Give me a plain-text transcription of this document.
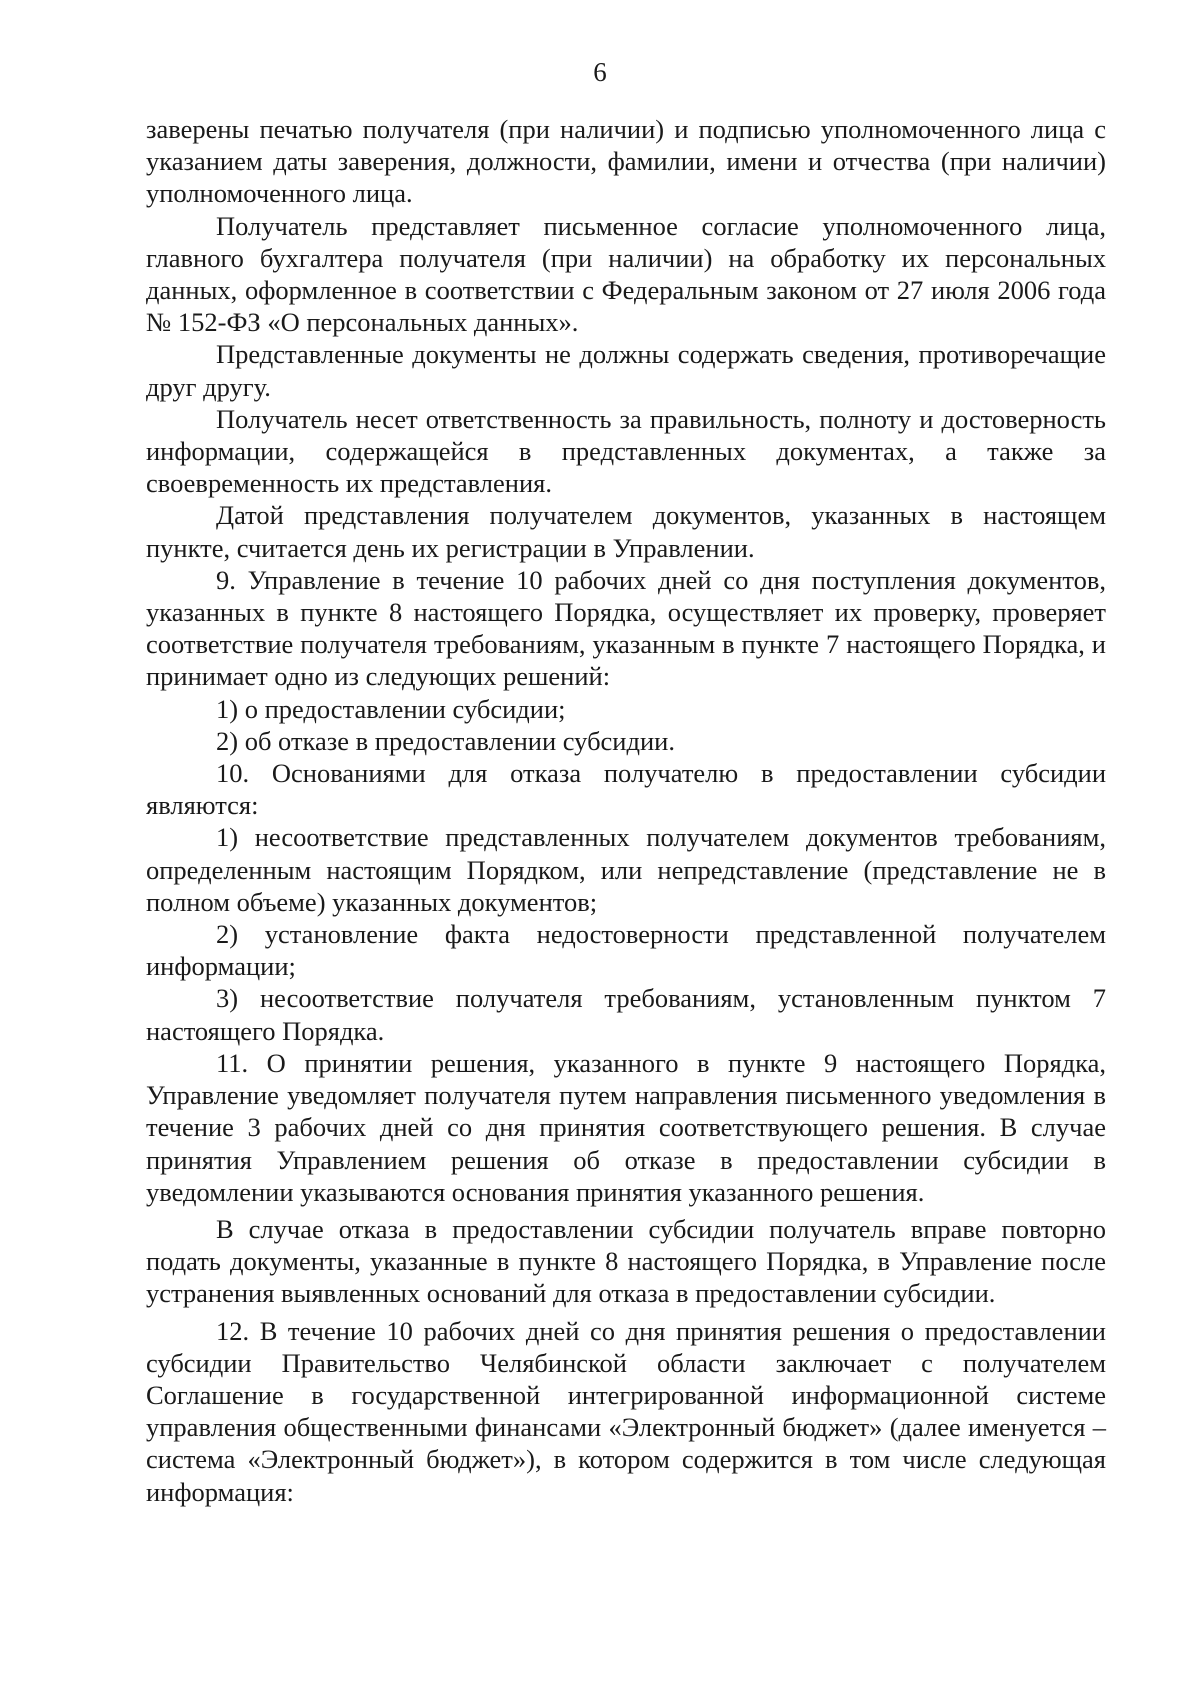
6

заверены печатью получателя (при наличии) и подписью уполномоченного лица с указанием даты заверения, должности, фамилии, имени и отчества (при наличии) уполномоченного лица.

Получатель представляет письменное согласие уполномоченного лица, главного бухгалтера получателя (при наличии) на обработку их персональных данных, оформленное в соответствии с Федеральным законом от 27 июля 2006 года № 152-ФЗ «О персональных данных».

Представленные документы не должны содержать сведения, противоречащие друг другу.

Получатель несет ответственность за правильность, полноту и достоверность информации, содержащейся в представленных документах, а также за своевременность их представления.

Датой представления получателем документов, указанных в настоящем пункте, считается день их регистрации в Управлении.

9. Управление в течение 10 рабочих дней со дня поступления документов, указанных в пункте 8 настоящего Порядка, осуществляет их проверку, проверяет соответствие получателя требованиям, указанным в пункте 7 настоящего Порядка, и принимает одно из следующих решений:

1) о предоставлении субсидии;

2) об отказе в предоставлении субсидии.

10. Основаниями для отказа получателю в предоставлении субсидии являются:

1) несоответствие представленных получателем документов требованиям, определенным настоящим Порядком, или непредставление (представление не в полном объеме) указанных документов;

2) установление факта недостоверности представленной получателем информации;

3) несоответствие получателя требованиям, установленным пунктом 7 настоящего Порядка.

11. О принятии решения, указанного в пункте 9 настоящего Порядка, Управление уведомляет получателя путем направления письменного уведомления в течение 3 рабочих дней со дня принятия соответствующего решения. В случае принятия Управлением решения об отказе в предоставлении субсидии в уведомлении указываются основания принятия указанного решения.

В случае отказа в предоставлении субсидии получатель вправе повторно подать документы, указанные в пункте 8 настоящего Порядка, в Управление после устранения выявленных оснований для отказа в предоставлении субсидии.

12. В течение 10 рабочих дней со дня принятия решения о предоставлении субсидии Правительство Челябинской области заключает с получателем Соглашение в государственной интегрированной информационной системе управления общественными финансами «Электронный бюджет» (далее именуется – система «Электронный бюджет»), в котором содержится в том числе следующая информация:
